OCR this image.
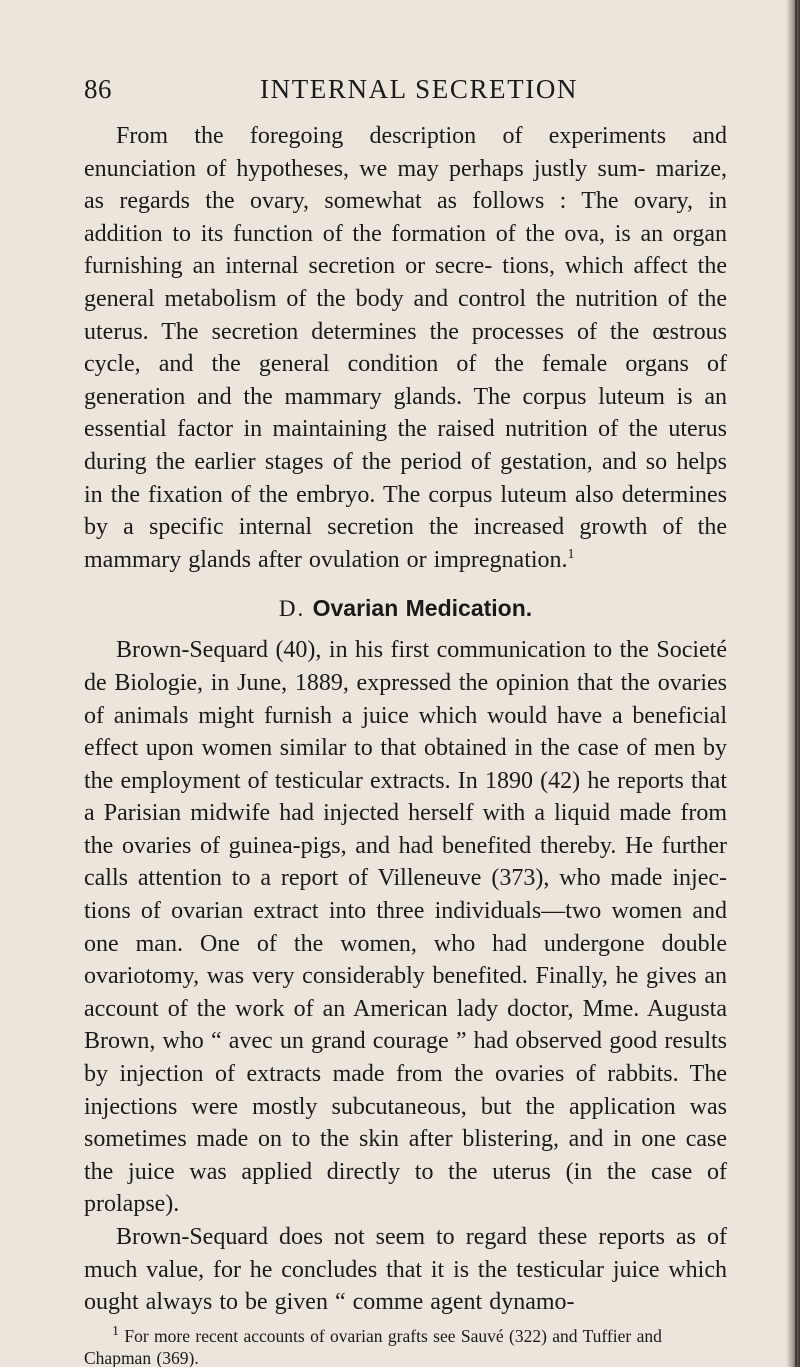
86	INTERNAL SECRETION

From the foregoing description of experiments and enunciation of hypotheses, we may perhaps justly sum- marize, as regards the ovary, somewhat as follows : The ovary, in addition to its function of the formation of the ova, is an organ furnishing an internal secretion or secre- tions, which affect the general metabolism of the body and control the nutrition of the uterus. The secretion determines the processes of the œstrous cycle, and the general condition of the female organs of generation and the mammary glands. The corpus luteum is an essential factor in maintaining the raised nutrition of the uterus during the earlier stages of the period of gestation, and so helps in the fixation of the embryo. The corpus luteum also determines by a specific internal secretion the increased growth of the mammary glands after ovulation or impregnation.$^1$

D. Ovarian Medication.

Brown-Sequard (40), in his first communication to the Societé de Biologie, in June, 1889, expressed the opinion that the ovaries of animals might furnish a juice which would have a beneficial effect upon women similar to that obtained in the case of men by the employment of testicular extracts. In 1890 (42) he reports that a Parisian midwife had injected herself with a liquid made from the ovaries of guinea-pigs, and had benefited thereby. He further calls attention to a report of Villeneuve (373), who made injec- tions of ovarian extract into three individuals—two women and one man. One of the women, who had undergone double ovariotomy, was very considerably benefited. Finally, he gives an account of the work of an American lady doctor, Mme. Augusta Brown, who “ avec un grand courage ” had observed good results by injection of extracts made from the ovaries of rabbits. The injections were mostly subcutaneous, but the application was sometimes made on to the skin after blistering, and in one case the juice was applied directly to the uterus (in the case of prolapse).

Brown-Sequard does not seem to regard these reports as of much value, for he concludes that it is the testicular juice which ought always to be given “ comme agent dynamo-

$^1$ For more recent accounts of ovarian grafts see Sauvé (322) and Tuffier and Chapman (369).
